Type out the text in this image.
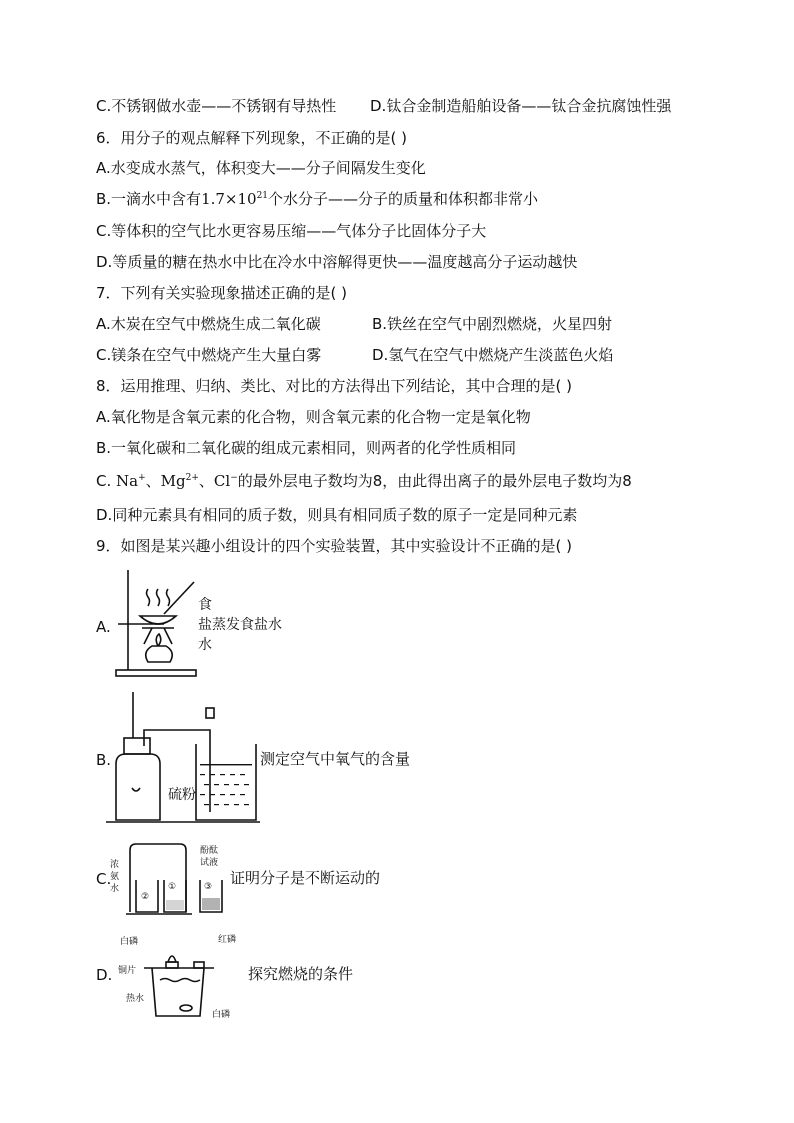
C.不锈钢做水壶——不锈钢有导热性 D.钛合金制造船舶设备——钛合金抗腐蚀性强
6．用分子的观点解释下列现象，不正确的是( )
A.水变成水蒸气，体积变大——分子间隔发生变化
B.一滴水中含有$1.7\times 10^{21}$个水分子——分子的质量和体积都非常小
C.等体积的空气比水更容易压缩——气体分子比固体分子大
D.等质量的糖在热水中比在冷水中溶解得更快——温度越高分子运动越快
7．下列有关实验现象描述正确的是( )
A.木炭在空气中燃烧生成二氧化碳	B.铁丝在空气中剧烈燃烧，火星四射
C.镁条在空气中燃烧产生大量白雾	D.氢气在空气中燃烧产生淡蓝色火焰
8．运用推理、归纳、类比、对比的方法得出下列结论，其中合理的是( )
A.氧化物是含氧元素的化合物，则含氧元素的化合物一定是氧化物
B.一氧化碳和二氧化碳的组成元素相同，则两者的化学性质相同
C. Na+、$Mg^{2+}$、Cl−的最外层电子数均为8，由此得出离子的最外层电子数均为8
D.同种元素具有相同的质子数，则具有相同质子数的原子一定是同种元素
9．如图是某兴趣小组设计的四个实验装置，其中实验设计不正确的是( )
A.
食
盐蒸发食盐水
水
B.
硫粉
测定空气中氧气的含量
C.
浓
氨
水
酚酞
试液
②
①	③ 证明分子是不断运动的
D.
白磷	红磷
铜片
热水
白磷
探究燃烧的条件
